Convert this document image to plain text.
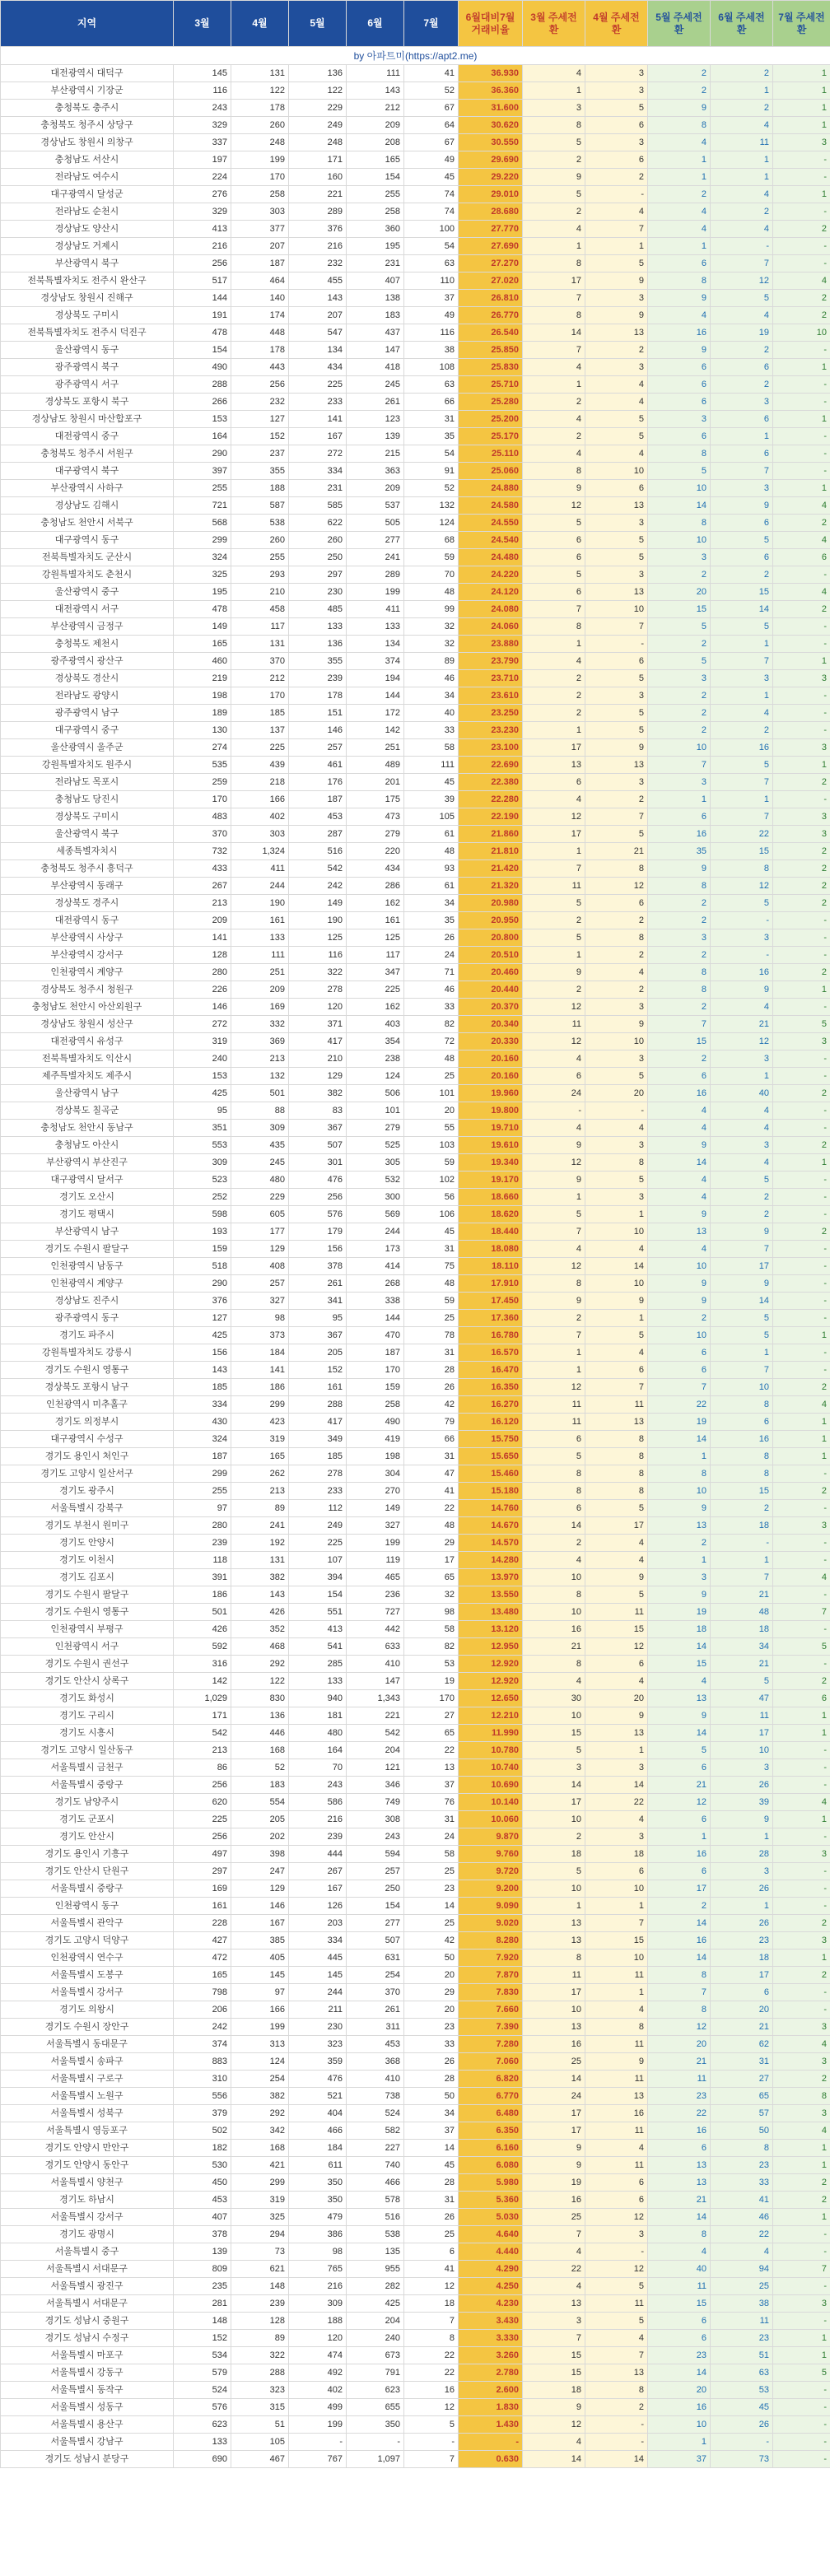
지역	3월	4월	5월	6월	7월	6월대비7월 거래비율	3월 주세전환	4월 주세전환	5월 주세전환	6월 주세전환	7월 주세전환
by 아파트미(https://apt2.me)											
대전광역시 대덕구	145	131	136	111	41	36.930	4	3	2	2	1
부산광역시 기장군	116	122	122	143	52	36.360	1	3	2	1	1
충청북도 충주시	243	178	229	212	67	31.600	3	5	9	2	1
충청북도 청주시 상당구	329	260	249	209	64	30.620	8	6	8	4	1
경상남도 창원시 의창구	337	248	248	208	67	30.550	5	3	4	11	3
충청남도 서산시	197	199	171	165	49	29.690	2	6	1	1	-
전라남도 여수시	224	170	160	154	45	29.220	9	2	1	1	-
대구광역시 달성군	276	258	221	255	74	29.010	5	-	2	4	1
전라남도 순천시	329	303	289	258	74	28.680	2	4	4	2	-
경상남도 양산시	413	377	376	360	100	27.770	4	7	4	4	2
경상남도 거제시	216	207	216	195	54	27.690	1	1	1	-	-
부산광역시 북구	256	187	232	231	63	27.270	8	5	6	7	-
전북특별자치도 전주시 완산구	517	464	455	407	110	27.020	17	9	8	12	4
경상남도 창원시 진해구	144	140	143	138	37	26.810	7	3	9	5	2
경상북도 구미시	191	174	207	183	49	26.770	8	9	4	4	2
전북특별자치도 전주시 덕진구	478	448	547	437	116	26.540	14	13	16	19	10
울산광역시 동구	154	178	134	147	38	25.850	7	2	9	2	-
광주광역시 북구	490	443	434	418	108	25.830	4	3	6	6	1
광주광역시 서구	288	256	225	245	63	25.710	1	4	6	2	-
경상북도 포항시 북구	266	232	233	261	66	25.280	2	4	6	3	-
경상남도 창원시 마산합포구	153	127	141	123	31	25.200	4	5	3	6	1
대전광역시 중구	164	152	167	139	35	25.170	2	5	6	1	-
충청북도 청주시 서원구	290	237	272	215	54	25.110	4	4	8	6	-
대구광역시 북구	397	355	334	363	91	25.060	8	10	5	7	-
부산광역시 사하구	255	188	231	209	52	24.880	9	6	10	3	1
경상남도 김해시	721	587	585	537	132	24.580	12	13	14	9	4
충청남도 천안시 서북구	568	538	622	505	124	24.550	5	3	8	6	2
대구광역시 동구	299	260	260	277	68	24.540	6	5	10	5	4
전북특별자치도 군산시	324	255	250	241	59	24.480	6	5	3	6	6
강원특별자치도 춘천시	325	293	297	289	70	24.220	5	3	2	2	-
울산광역시 중구	195	210	230	199	48	24.120	6	13	20	15	4
대전광역시 서구	478	458	485	411	99	24.080	7	10	15	14	2
부산광역시 금정구	149	117	133	133	32	24.060	8	7	5	5	-
충청북도 제천시	165	131	136	134	32	23.880	1	-	2	1	-
광주광역시 광산구	460	370	355	374	89	23.790	4	6	5	7	1
경상북도 경산시	219	212	239	194	46	23.710	2	5	3	3	3
전라남도 광양시	198	170	178	144	34	23.610	2	3	2	1	-
광주광역시 남구	189	185	151	172	40	23.250	2	5	2	4	-
대구광역시 중구	130	137	146	142	33	23.230	1	5	2	2	-
울산광역시 울주군	274	225	257	251	58	23.100	17	9	10	16	3
강원특별자치도 원주시	535	439	461	489	111	22.690	13	13	7	5	1
전라남도 목포시	259	218	176	201	45	22.380	6	3	3	7	2
충청남도 당진시	170	166	187	175	39	22.280	4	2	1	1	-
경상북도 구미시	483	402	453	473	105	22.190	12	7	6	7	3
울산광역시 북구	370	303	287	279	61	21.860	17	5	16	22	3
세종특별자치시	732	1,324	516	220	48	21.810	1	21	35	15	2
충청북도 청주시 흥덕구	433	411	542	434	93	21.420	7	8	9	8	2
부산광역시 동래구	267	244	242	286	61	21.320	11	12	8	12	2
경상북도 경주시	213	190	149	162	34	20.980	5	6	2	5	2
대전광역시 동구	209	161	190	161	35	20.950	2	2	2	-	-
부산광역시 사상구	141	133	125	125	26	20.800	5	8	3	3	-
부산광역시 강서구	128	111	116	117	24	20.510	1	2	2	-	-
인천광역시 계양구	280	251	322	347	71	20.460	9	4	8	16	2
경상북도 청주시 청원구	226	209	278	225	46	20.440	2	2	8	9	1
충청남도 천안시 아산외원구	146	169	120	162	33	20.370	12	3	2	4	-
경상남도 창원시 성산구	272	332	371	403	82	20.340	11	9	7	21	5
대전광역시 유성구	319	369	417	354	72	20.330	12	10	15	12	3
전북특별자치도 익산시	240	213	210	238	48	20.160	4	3	2	3	-
제주특별자치도 제주시	153	132	129	124	25	20.160	6	5	6	1	-
울산광역시 남구	425	501	382	506	101	19.960	24	20	16	40	2
경상북도 칠곡군	95	88	83	101	20	19.800	-	-	4	4	-
충청남도 천안시 동남구	351	309	367	279	55	19.710	4	4	4	4	-
충청남도 아산시	553	435	507	525	103	19.610	9	3	9	3	2
부산광역시 부산진구	309	245	301	305	59	19.340	12	8	14	4	1
대구광역시 달서구	523	480	476	532	102	19.170	9	5	4	5	-
경기도 오산시	252	229	256	300	56	18.660	1	3	4	2	-
경기도 평택시	598	605	576	569	106	18.620	5	1	9	2	-
부산광역시 남구	193	177	179	244	45	18.440	7	10	13	9	2
경기도 수원시 팔달구	159	129	156	173	31	18.080	4	4	4	7	-
인천광역시 남동구	518	408	378	414	75	18.110	12	14	10	17	-
인천광역시 계양구	290	257	261	268	48	17.910	8	10	9	9	-
경상남도 진주시	376	327	341	338	59	17.450	9	9	9	14	-
광주광역시 동구	127	98	95	144	25	17.360	2	1	2	5	-
경기도 파주시	425	373	367	470	78	16.780	7	5	10	5	1
강원특별자치도 강릉시	156	184	205	187	31	16.570	1	4	6	1	-
경기도 수원시 영통구	143	141	152	170	28	16.470	1	6	6	7	-
경상북도 포항시 남구	185	186	161	159	26	16.350	12	7	7	10	2
인천광역시 미추홀구	334	299	288	258	42	16.270	11	11	22	8	4
경기도 의정부시	430	423	417	490	79	16.120	11	13	19	6	1
대구광역시 수성구	324	319	349	419	66	15.750	6	8	14	16	1
경기도 용인시 처인구	187	165	185	198	31	15.650	5	8	1	8	1
경기도 고양시 일산서구	299	262	278	304	47	15.460	8	8	8	8	-
경기도 광주시	255	213	233	270	41	15.180	8	8	10	15	2
서울특별시 강북구	97	89	112	149	22	14.760	6	5	9	2	-
경기도 부천시 원미구	280	241	249	327	48	14.670	14	17	13	18	3
경기도 안양시	239	192	225	199	29	14.570	2	4	2	-	-
경기도 이천시	118	131	107	119	17	14.280	4	4	1	1	-
경기도 김포시	391	382	394	465	65	13.970	10	9	3	7	4
경기도 수원시 팔달구	186	143	154	236	32	13.550	8	5	9	21	-
경기도 수원시 영통구	501	426	551	727	98	13.480	10	11	19	48	7
인천광역시 부평구	426	352	413	442	58	13.120	16	15	18	18	-
인천광역시 서구	592	468	541	633	82	12.950	21	12	14	34	5
경기도 수원시 권선구	316	292	285	410	53	12.920	8	6	15	21	-
경기도 안산시 상록구	142	122	133	147	19	12.920	4	4	4	5	2
경기도 화성시	1,029	830	940	1,343	170	12.650	30	20	13	47	6
경기도 구리시	171	136	181	221	27	12.210	10	9	9	11	1
경기도 시흥시	542	446	480	542	65	11.990	15	13	14	17	1
경기도 고양시 일산동구	213	168	164	204	22	10.780	5	1	5	10	-
서울특별시 금천구	86	52	70	121	13	10.740	3	3	6	3	-
서울특별시 중랑구	256	183	243	346	37	10.690	14	14	21	26	-
경기도 남양주시	620	554	586	749	76	10.140	17	22	12	39	4
경기도 군포시	225	205	216	308	31	10.060	10	4	6	9	1
경기도 안산시	256	202	239	243	24	9.870	2	3	1	1	-
경기도 용인시 기흥구	497	398	444	594	58	9.760	18	18	16	28	3
경기도 안산시 단원구	297	247	267	257	25	9.720	5	6	6	3	-
서울특별시 중랑구	169	129	167	250	23	9.200	10	10	17	26	-
인천광역시 동구	161	146	126	154	14	9.090	1	1	2	1	-
서울특별시 관악구	228	167	203	277	25	9.020	13	7	14	26	2
경기도 고양시 덕양구	427	385	334	507	42	8.280	13	15	16	23	3
인천광역시 연수구	472	405	445	631	50	7.920	8	10	14	18	1
서울특별시 도봉구	165	145	145	254	20	7.870	11	11	8	17	2
서울특별시 강서구	798	97	244	370	29	7.830	17	1	7	6	-
경기도 의왕시	206	166	211	261	20	7.660	10	4	8	20	-
경기도 수원시 장안구	242	199	230	311	23	7.390	13	8	12	21	3
서울특별시 동대문구	374	313	323	453	33	7.280	16	11	20	62	4
서울특별시 송파구	883	124	359	368	26	7.060	25	9	21	31	3
서울특별시 구로구	310	254	476	410	28	6.820	14	11	11	27	2
서울특별시 노원구	556	382	521	738	50	6.770	24	13	23	65	8
서울특별시 성북구	379	292	404	524	34	6.480	17	16	22	57	3
서울특별시 영등포구	502	342	466	582	37	6.350	17	11	16	50	4
경기도 안양시 만안구	182	168	184	227	14	6.160	9	4	6	8	1
경기도 안양시 동안구	530	421	611	740	45	6.080	9	11	13	23	1
서울특별시 양천구	450	299	350	466	28	5.980	19	6	13	33	2
경기도 하남시	453	319	350	578	31	5.360	16	6	21	41	2
서울특별시 강서구	407	325	479	516	26	5.030	25	12	14	46	1
경기도 광명시	378	294	386	538	25	4.640	7	3	8	22	-
서울특별시 중구	139	73	98	135	6	4.440	4	-	4	4	-
서울특별시 서대문구	809	621	765	955	41	4.290	22	12	40	94	7
서울특별시 광진구	235	148	216	282	12	4.250	4	5	11	25	-
서울특별시 서대문구	281	239	309	425	18	4.230	13	11	15	38	3
경기도 성남시 중원구	148	128	188	204	7	3.430	3	5	6	11	-
경기도 성남시 수정구	152	89	120	240	8	3.330	7	4	6	23	1
서울특별시 마포구	534	322	474	673	22	3.260	15	7	23	51	1
서울특별시 강동구	579	288	492	791	22	2.780	15	13	14	63	5
서울특별시 동작구	524	323	402	623	16	2.600	18	8	20	53	-
서울특별시 성동구	576	315	499	655	12	1.830	9	2	16	45	-
서울특별시 용산구	623	51	199	350	5	1.430	12	-	10	26	-
서울특별시 강남구	133	105	-	-	-	-	4	-	1	-	-
경기도 성남시 분당구	690	467	767	1,097	7	0.630	14	14	37	73	-
